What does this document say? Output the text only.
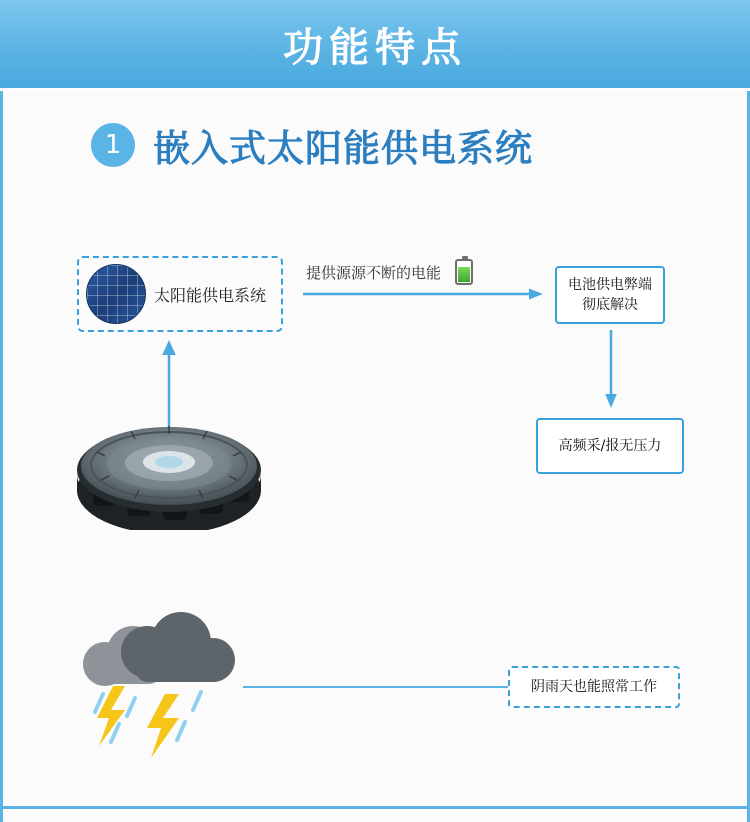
功能特点
1 嵌入式太阳能供电系统
太阳能供电系统
提供源源不断的电能
电池供电弊端
彻底解决
高频采/报无压力
阴雨天也能照常工作
